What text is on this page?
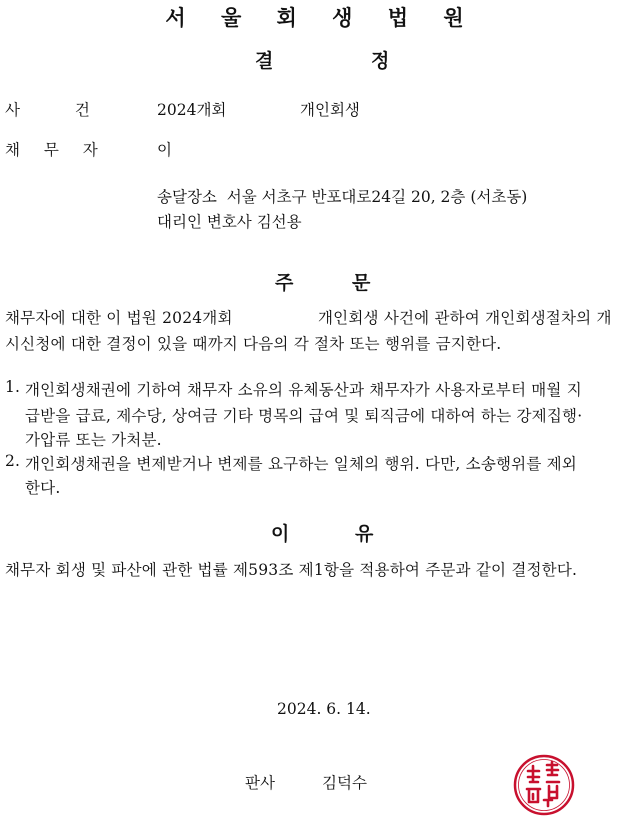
서 울 회 생 법 원
결	정
사 건	2024개회	개인회생
채 무 자	이
송달장소  서울 서초구 반포대로24길 20, 2층 (서초동)
대리인 변호사 김선용
주	문
채무자에 대한 이 법원 2024개회	개인회생 사건에 관하여 개인회생절차의 개
시신청에 대한 결정이 있을 때까지 다음의 각 절차 또는 행위를 금지한다.
1. 개인회생채권에 기하여 채무자 소유의 유체동산과 채무자가 사용자로부터 매월 지
급받을 급료, 제수당, 상여금 기타 명목의 급여 및 퇴직금에 대하여 하는 강제집행·
가압류 또는 가처분.
2. 개인회생채권을 변제받거나 변제를 요구하는 일체의 행위. 다만, 소송행위를 제외
한다.
이	유
채무자 회생 및 파산에 관한 법률 제593조 제1항을 적용하여 주문과 같이 결정한다.
2024. 6. 14.
판사	김덕수
